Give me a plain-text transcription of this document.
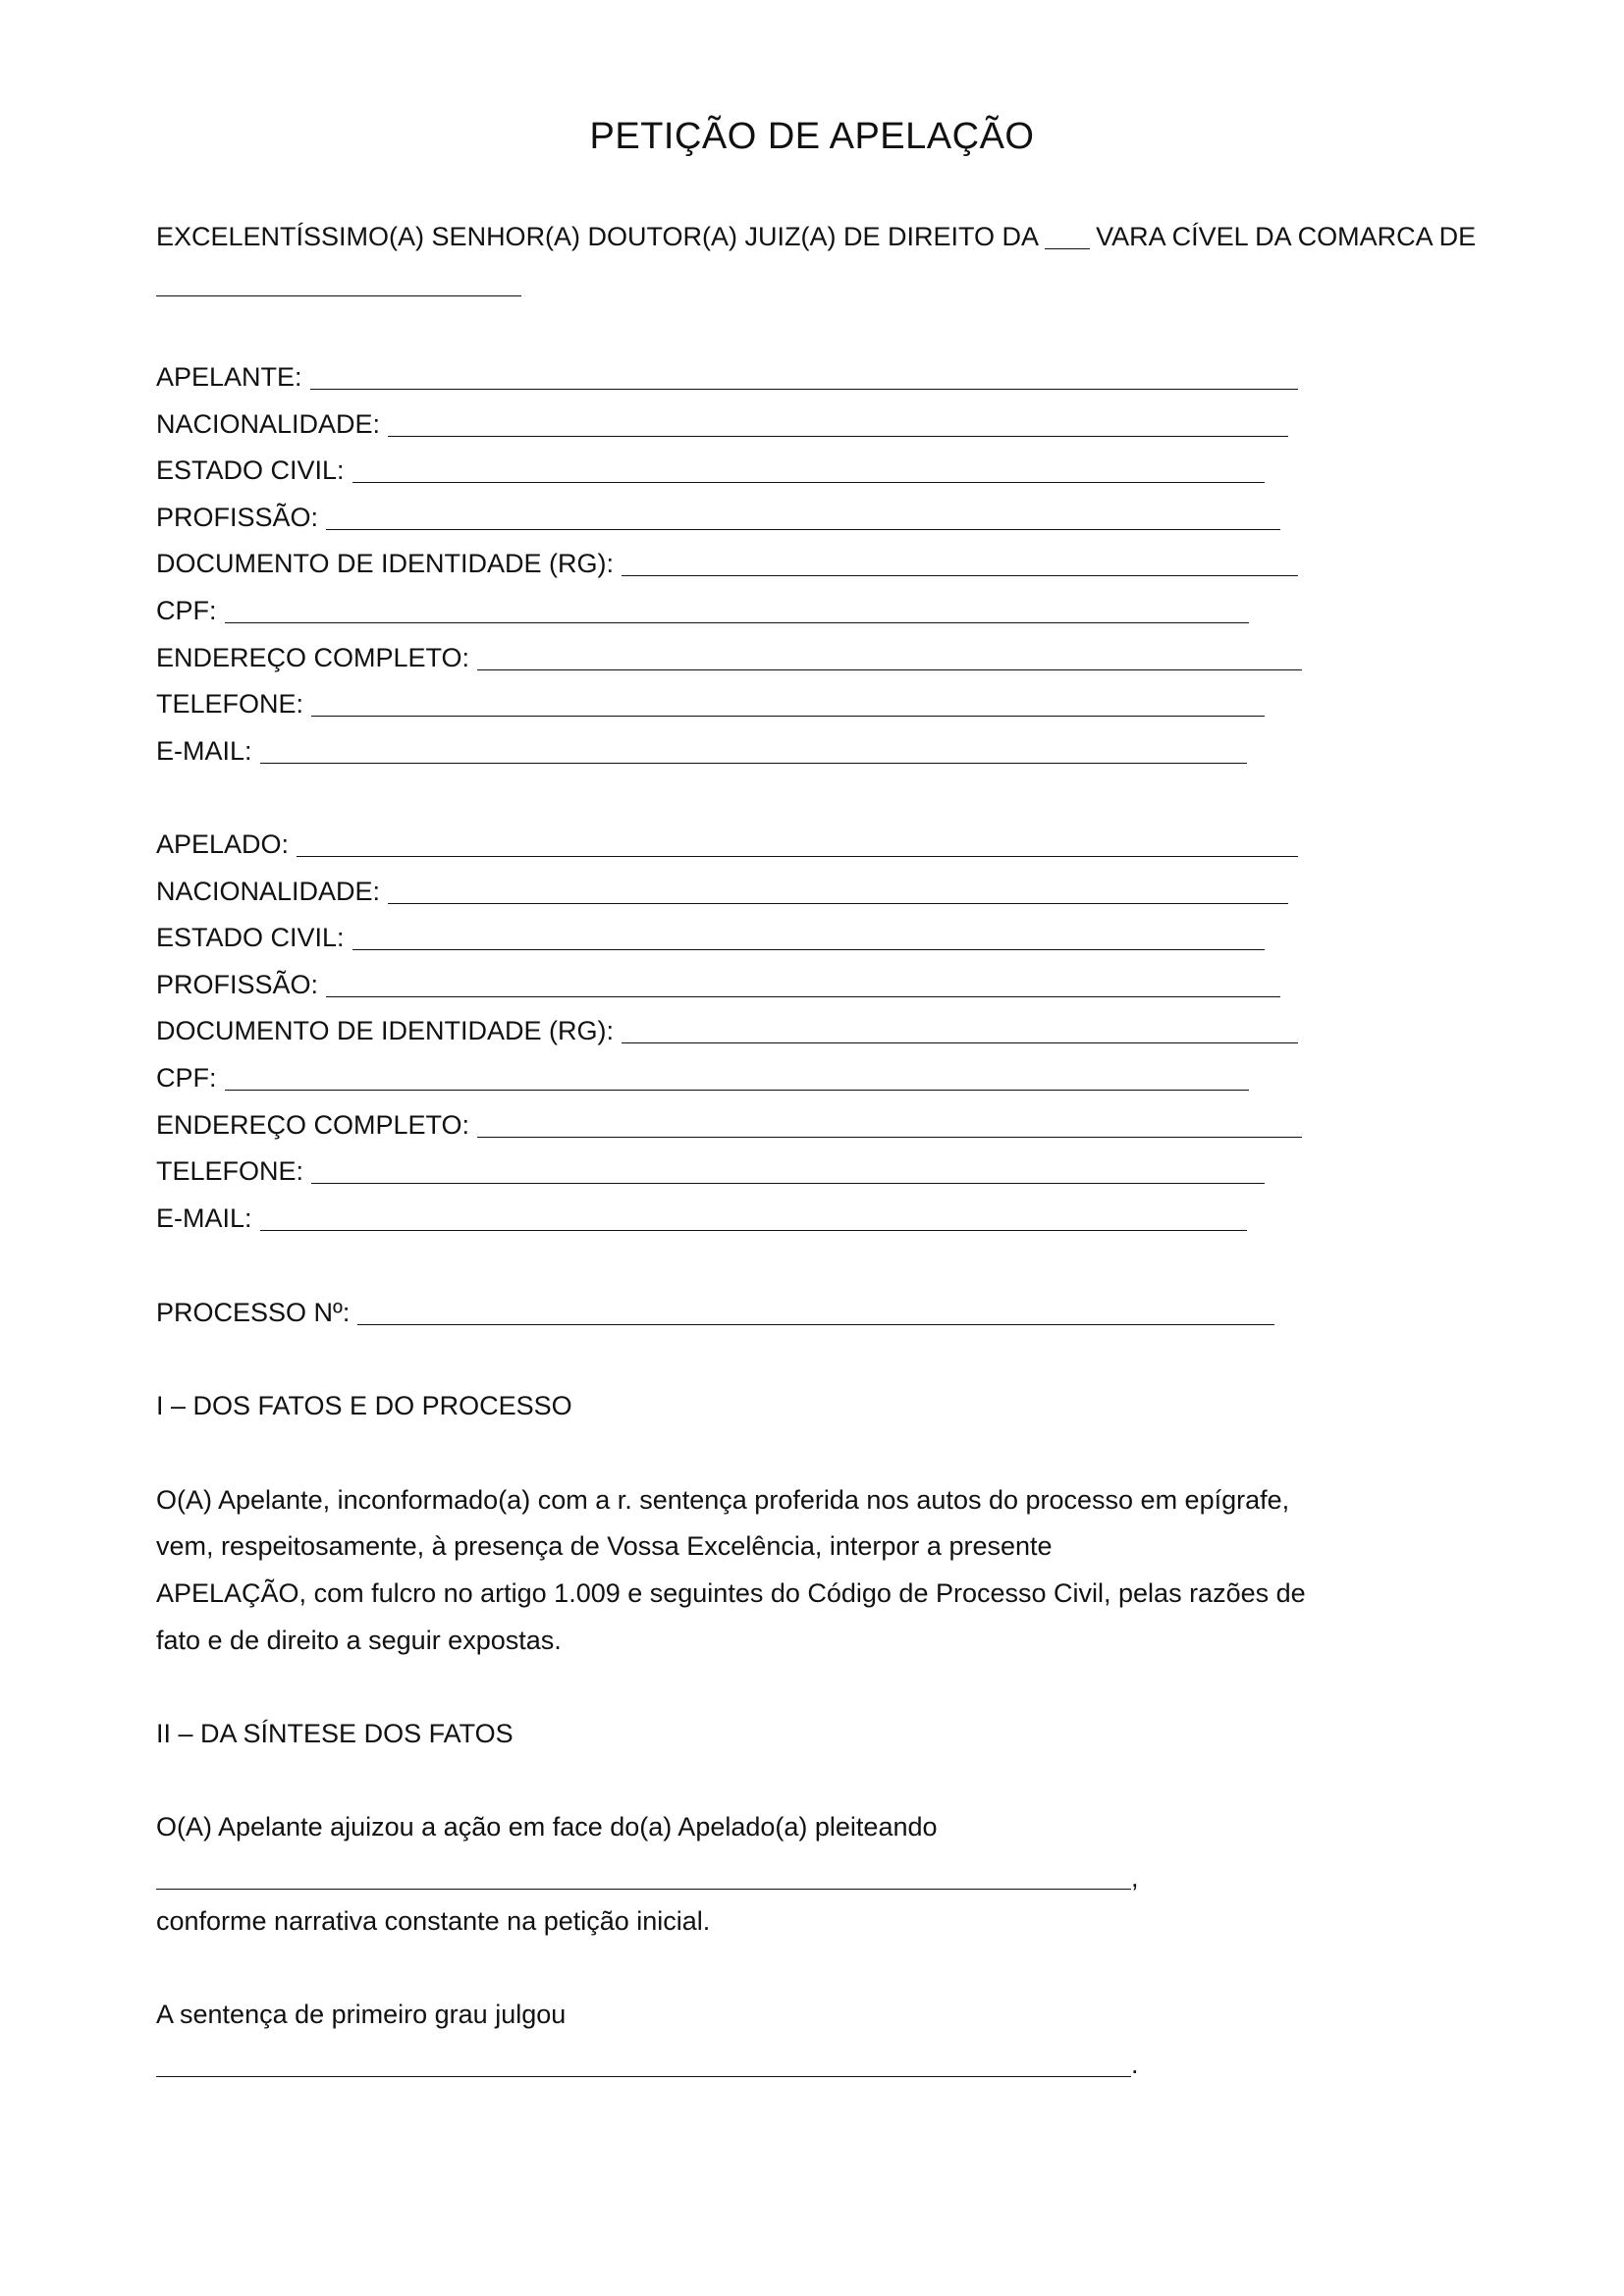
PETIÇÃO DE APELAÇÃO
EXCELENTÍSSIMO(A) SENHOR(A) DOUTOR(A) JUIZ(A) DE DIREITO DA VARA CÍVEL DA COMARCA DE
APELANTE:
NACIONALIDADE:
ESTADO CIVIL:
PROFISSÃO:
DOCUMENTO DE IDENTIDADE (RG):
CPF:
ENDEREÇO COMPLETO:
TELEFONE:
E-MAIL:
APELADO:
NACIONALIDADE:
ESTADO CIVIL:
PROFISSÃO:
DOCUMENTO DE IDENTIDADE (RG):
CPF:
ENDEREÇO COMPLETO:
TELEFONE:
E-MAIL:
PROCESSO Nº:
I – DOS FATOS E DO PROCESSO
O(A) Apelante, inconformado(a) com a r. sentença proferida nos autos do processo em epígrafe,
vem, respeitosamente, à presença de Vossa Excelência, interpor a presente
APELAÇÃO, com fulcro no artigo 1.009 e seguintes do Código de Processo Civil, pelas razões de
fato e de direito a seguir expostas.
II – DA SÍNTESE DOS FATOS
O(A) Apelante ajuizou a ação em face do(a) Apelado(a) pleiteando
,
conforme narrativa constante na petição inicial.
A sentença de primeiro grau julgou
.
